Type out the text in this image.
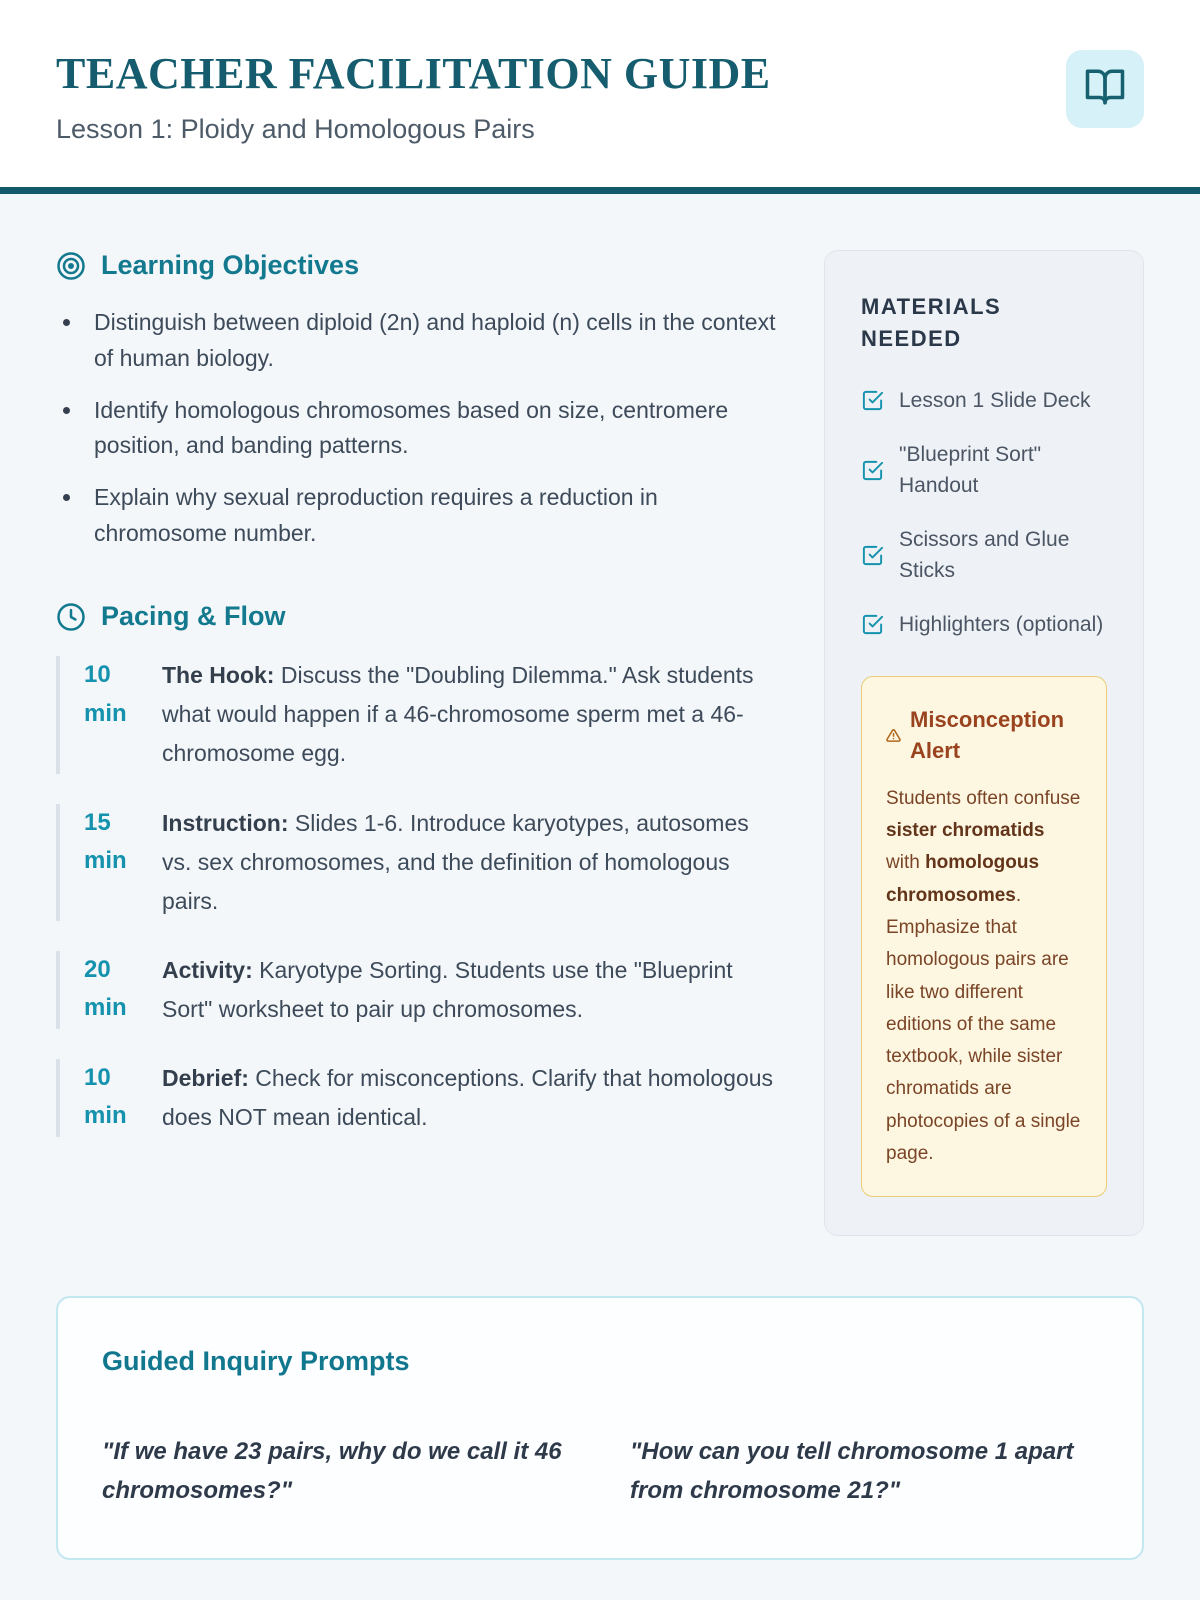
TEACHER FACILITATION GUIDE

Lesson 1: Ploidy and Homologous Pairs

Learning Objectives
• Distinguish between diploid (2n) and haploid (n) cells in the context of human biology.
• Identify homologous chromosomes based on size, centromere position, and banding patterns.
• Explain why sexual reproduction requires a reduction in chromosome number.
Pacing & Flow
10
min

The Hook: Discuss the "Doubling Dilemma." Ask students what would happen if a 46-chromosome sperm met a 46-chromosome egg.

15
min

Instruction: Slides 1-6. Introduce karyotypes, autosomes vs. sex chromosomes, and the definition of homologous pairs.

20
min

Activity: Karyotype Sorting. Students use the "Blueprint Sort" worksheet to pair up chromosomes.

10
min

Debrief: Check for misconceptions. Clarify that homologous does NOT mean identical.

MATERIALS NEEDED
Lesson 1 Slide Deck
"Blueprint Sort" Handout
Scissors and Glue Sticks
Highlighters (optional)
Misconception Alert

Students often confuse sister chromatids with homologous chromosomes. Emphasize that homologous pairs are like two different editions of the same textbook, while sister chromatids are photocopies of a single page.

Guided Inquiry Prompts

"If we have 23 pairs, why do we call it 46 chromosomes?"

"How can you tell chromosome 1 apart from chromosome 21?"
